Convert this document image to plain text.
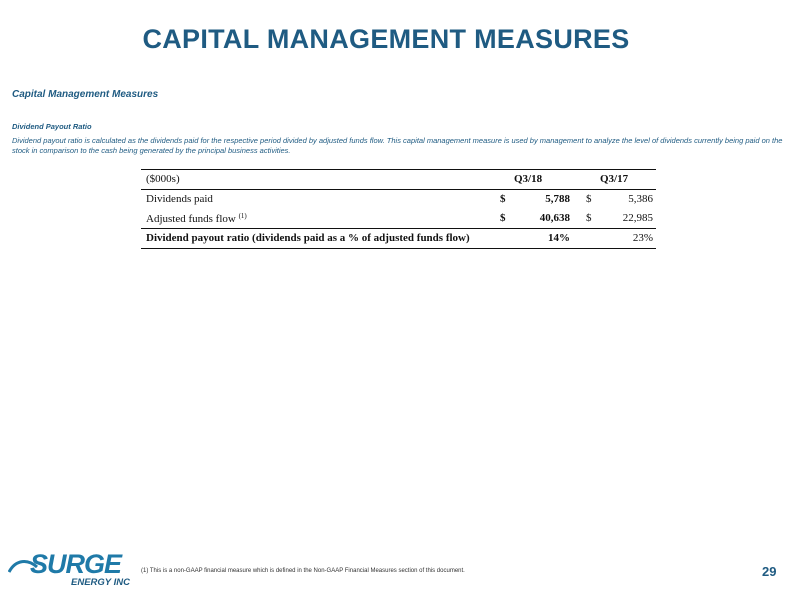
CAPITAL MANAGEMENT MEASURES
Capital Management Measures
Dividend Payout Ratio
Dividend payout ratio is calculated as the dividends paid for the respective period divided by adjusted funds flow. This capital management measure is used by management to analyze the level of dividends currently being paid on the stock in comparison to the cash being generated by the principal business activities.
($000s)	Q3/18	Q3/17
Dividends paid	$	5,788 $	5,386
Adjusted funds flow $^{(1)}$	$	40,638 $	22,985
Dividend payout ratio (dividends paid as a % of adjusted funds flow)	14%	23%
SURGE
ENERGY INC
(1) This is a non-GAAP financial measure which is defined in the Non-GAAP Financial Measures section of this document.	29
